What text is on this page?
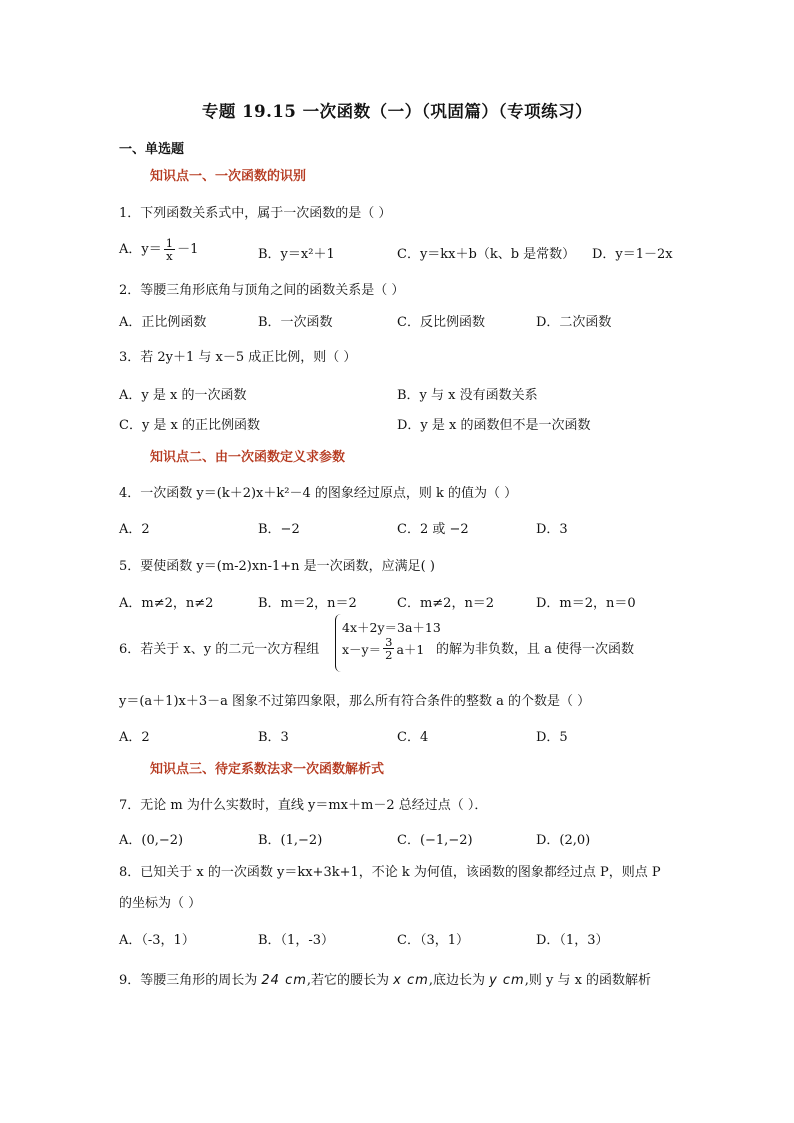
专题 19.15 一次函数（一）（巩固篇）（专项练习）
一、单选题
知识点一、一次函数的识别
1．下列函数关系式中，属于一次函数的是（ ）
A．$y= \frac{1}{x} -1$	B．y＝x²＋1	C．y＝kx＋b（k、b 是常数） D．y＝1－2x
2．等腰三角形底角与顶角之间的函数关系是（ ）
A．正比例函数	B．一次函数	C．反比例函数	D．二次函数
3．若 2y＋1 与 x－5 成正比例，则（ ）
A．y 是 x 的一次函数	B．y 与 x 没有函数关系
C．y 是 x 的正比例函数	D．y 是 x 的函数但不是一次函数
知识点二、由一次函数定义求参数
4．一次函数 y＝(k＋2)x＋k²－4 的图象经过原点，则 k 的值为（ ）
A．2	B．−2	C．2 或 −2	D．3
5．要使函数 y＝(m-2)xn-1+n 是一次函数，应满足( )
A．m≠2，n≠2	B．m＝2，n＝2	C．m≠2，n＝2	D．m＝2，n＝0
6．若关于 x、y 的二元一次方程组
4x＋2y＝3a＋13
$x-y= \frac{3}{2} a+1$ 的解为非负数，且 a 使得一次函数
y＝(a＋1)x＋3－a 图象不过第四象限，那么所有符合条件的整数 a 的个数是（ ）
A．2	B．3	C．4	D．5
知识点三、待定系数法求一次函数解析式
7．无论 m 为什么实数时，直线 y＝mx＋m－2 总经过点（ ）．
A．(0,−2)	B．(1,−2)	C．(−1,−2)	D．(2,0)
8．已知关于 x 的一次函数 y＝kx+3k+1，不论 k 为何值，该函数的图象都经过点 P，则点 P
的坐标为（ ）
A．（-3，1）	B．（1，-3）	C．（3，1）	D．（1，3）
9．等腰三角形的周长为 24 cm,若它的腰长为 x cm,底边长为 y cm,则 y 与 x 的函数解析
